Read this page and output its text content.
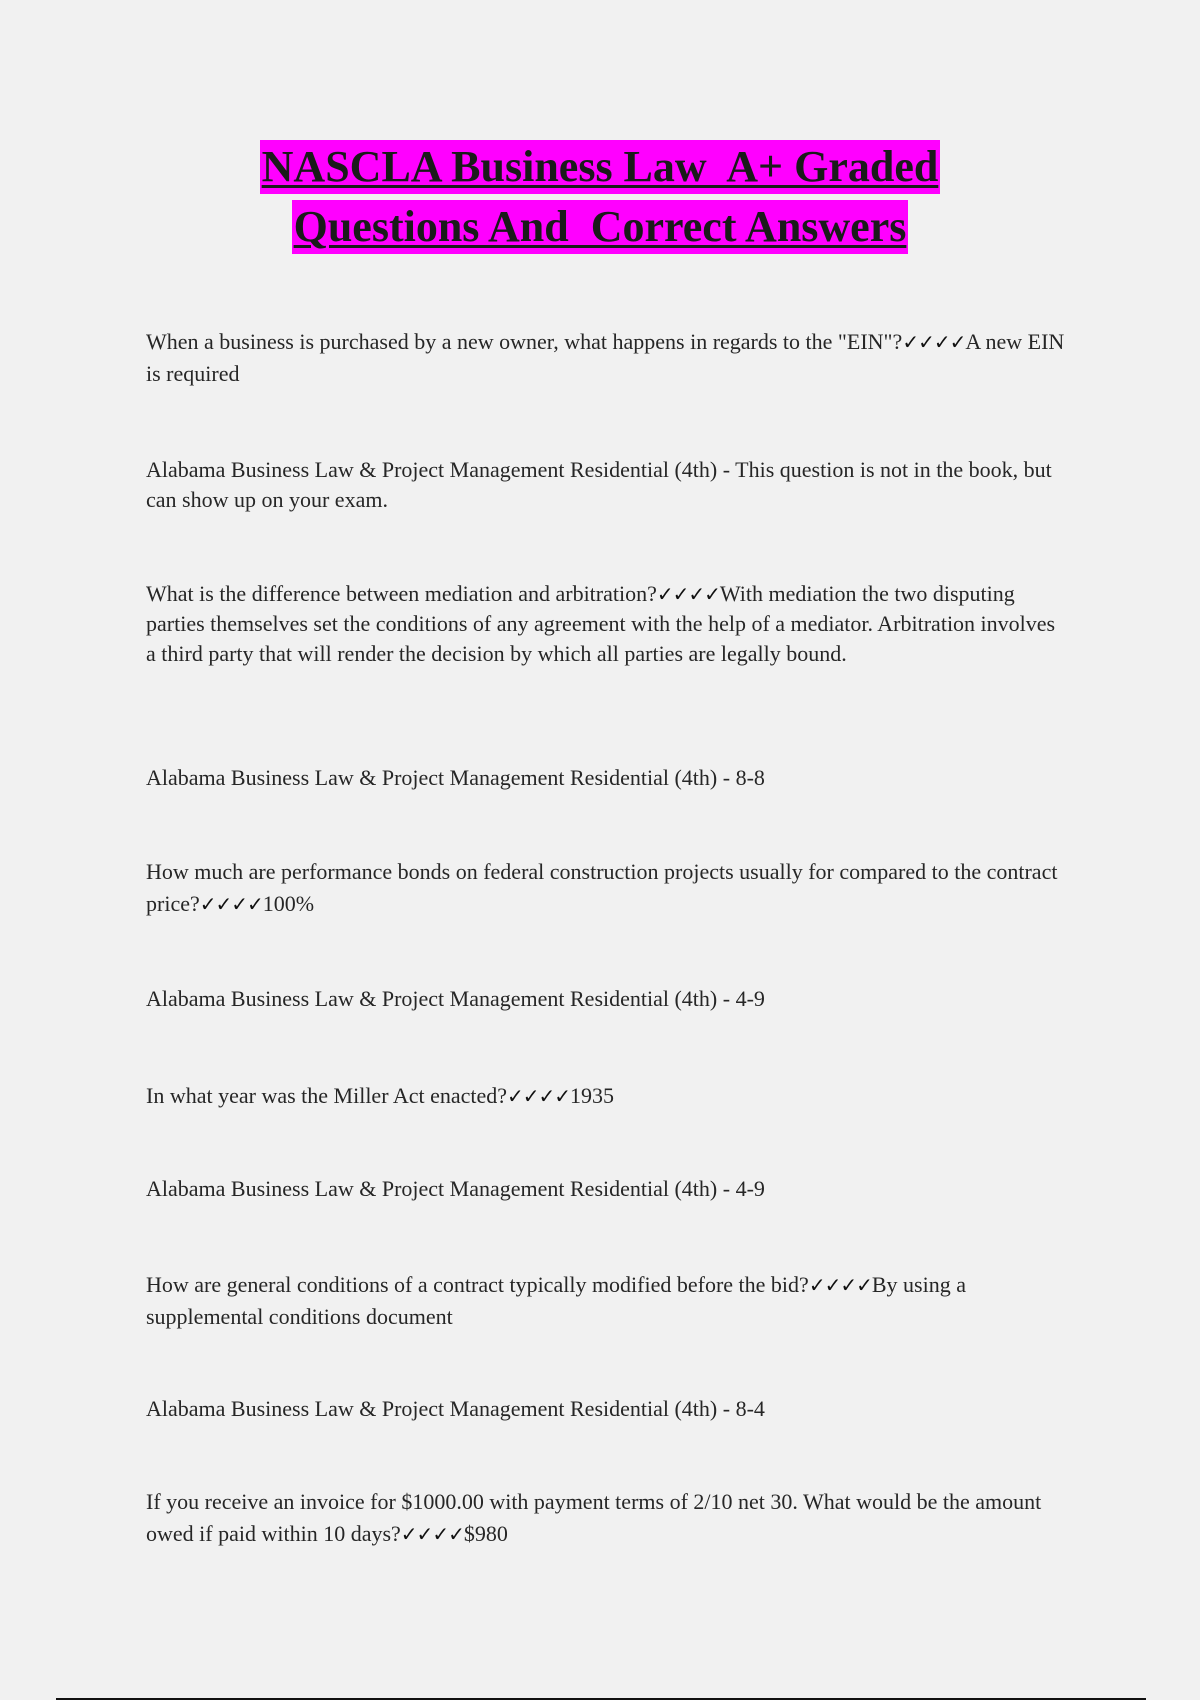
NASCLA Business Law  A+ Graded
Questions And  Correct Answers
When a business is purchased by a new owner, what happens in regards to the "EIN"?✓✓✓✓A new EIN is required
Alabama Business Law & Project Management Residential (4th) - This question is not in the book, but can show up on your exam.
What is the difference between mediation and arbitration?✓✓✓✓With mediation the two disputing parties themselves set the conditions of any agreement with the help of a mediator. Arbitration involves a third party that will render the decision by which all parties are legally bound.
Alabama Business Law & Project Management Residential (4th) - 8-8
How much are performance bonds on federal construction projects usually for compared to the contract price?✓✓✓✓100%
Alabama Business Law & Project Management Residential (4th) - 4-9
In what year was the Miller Act enacted?✓✓✓✓1935
Alabama Business Law & Project Management Residential (4th) - 4-9
How are general conditions of a contract typically modified before the bid?✓✓✓✓By using a supplemental conditions document
Alabama Business Law & Project Management Residential (4th) - 8-4
If you receive an invoice for $1000.00 with payment terms of 2/10 net 30. What would be the amount owed if paid within 10 days?✓✓✓✓$980
